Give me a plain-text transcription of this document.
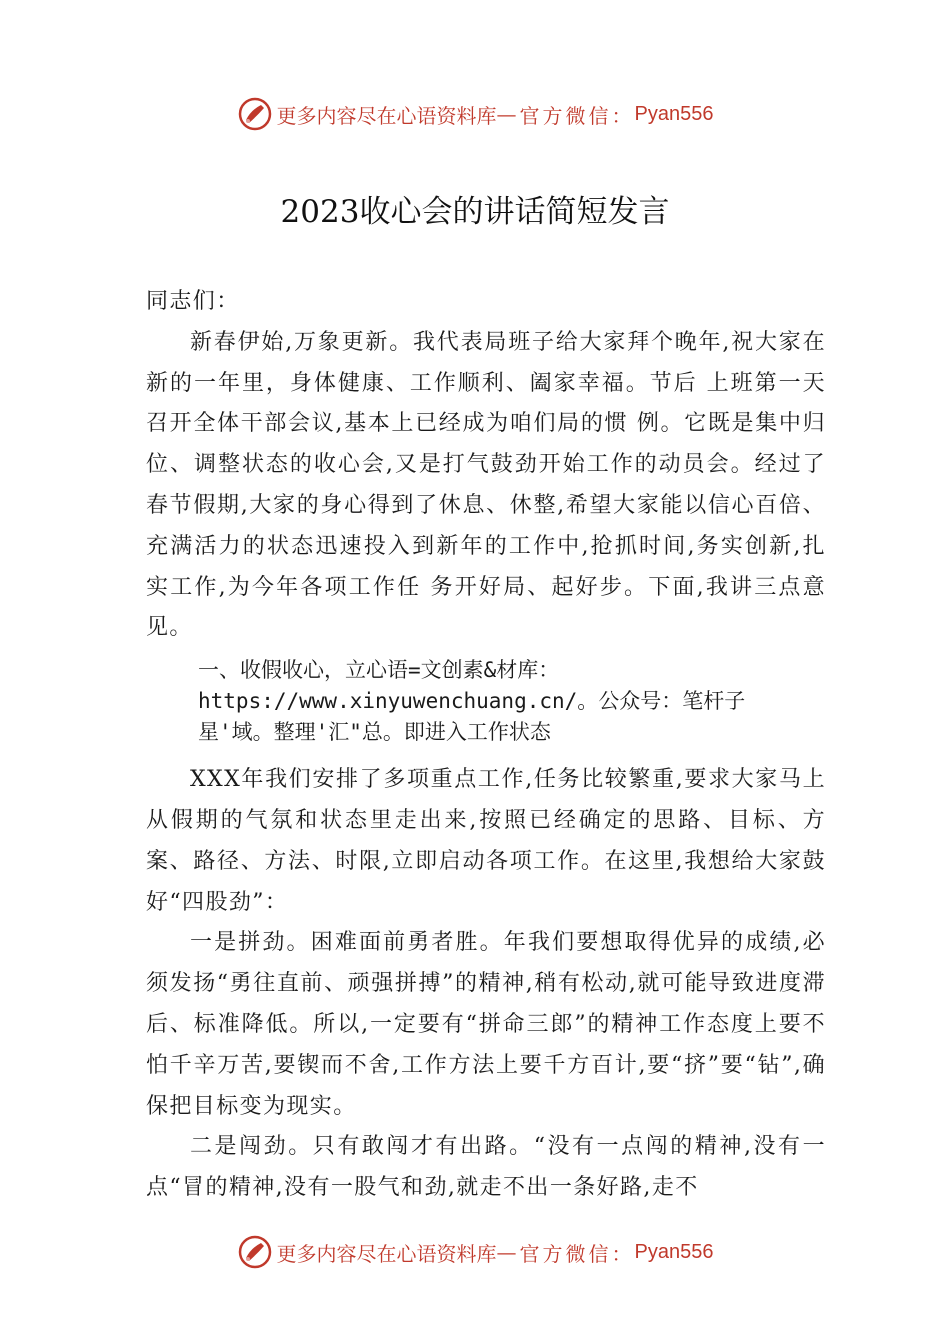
更多内容尽在心语资料库 — 官方微信： Pyan556
2023收心会的讲话简短发言

同志们：

新春伊始,万象更新。我代表局班子给大家拜个晚年,祝大家在新的一年里，身体健康、工作顺利、阖家幸福。节后 上班第一天召开全体干部会议,基本上已经成为咱们局的惯 例。它既是集中归位、调整状态的收心会,又是打气鼓劲开始工作的动员会。经过了春节假期,大家的身心得到了休息、休整,希望大家能以信心百倍、充满活力的状态迅速投入到新年的工作中,抢抓时间,务实创新,扎实工作,为今年各项工作任 务开好局、起好步。下面,我讲三点意见。

一、收假收心，立心语=文创素&材库：https://www.xinyuwenchuang.cn/。公众号：笔杆子星'域。整理'汇"总。即进入工作状态

XXX年我们安排了多项重点工作,任务比较繁重,要求大家马上从假期的气氛和状态里走出来,按照已经确定的思路、目标、方案、路径、方法、时限,立即启动各项工作。在这里,我想给大家鼓好“四股劲”：

一是拼劲。困难面前勇者胜。年我们要想取得优异的成绩,必须发扬“勇往直前、顽强拼搏”的精神,稍有松动,就可能导致进度滞后、标准降低。所以,一定要有“拼命三郎”的精神工作态度上要不怕千辛万苦,要锲而不舍,工作方法上要千方百计,要“挤”要“钻”,确保把目标变为现实。

二是闯劲。只有敢闯才有出路。“没有一点闯的精神,没有一点“冒的精神,没有一股气和劲,就走不出一条好路,走不

更多内容尽在心语资料库 — 官方微信： Pyan556
